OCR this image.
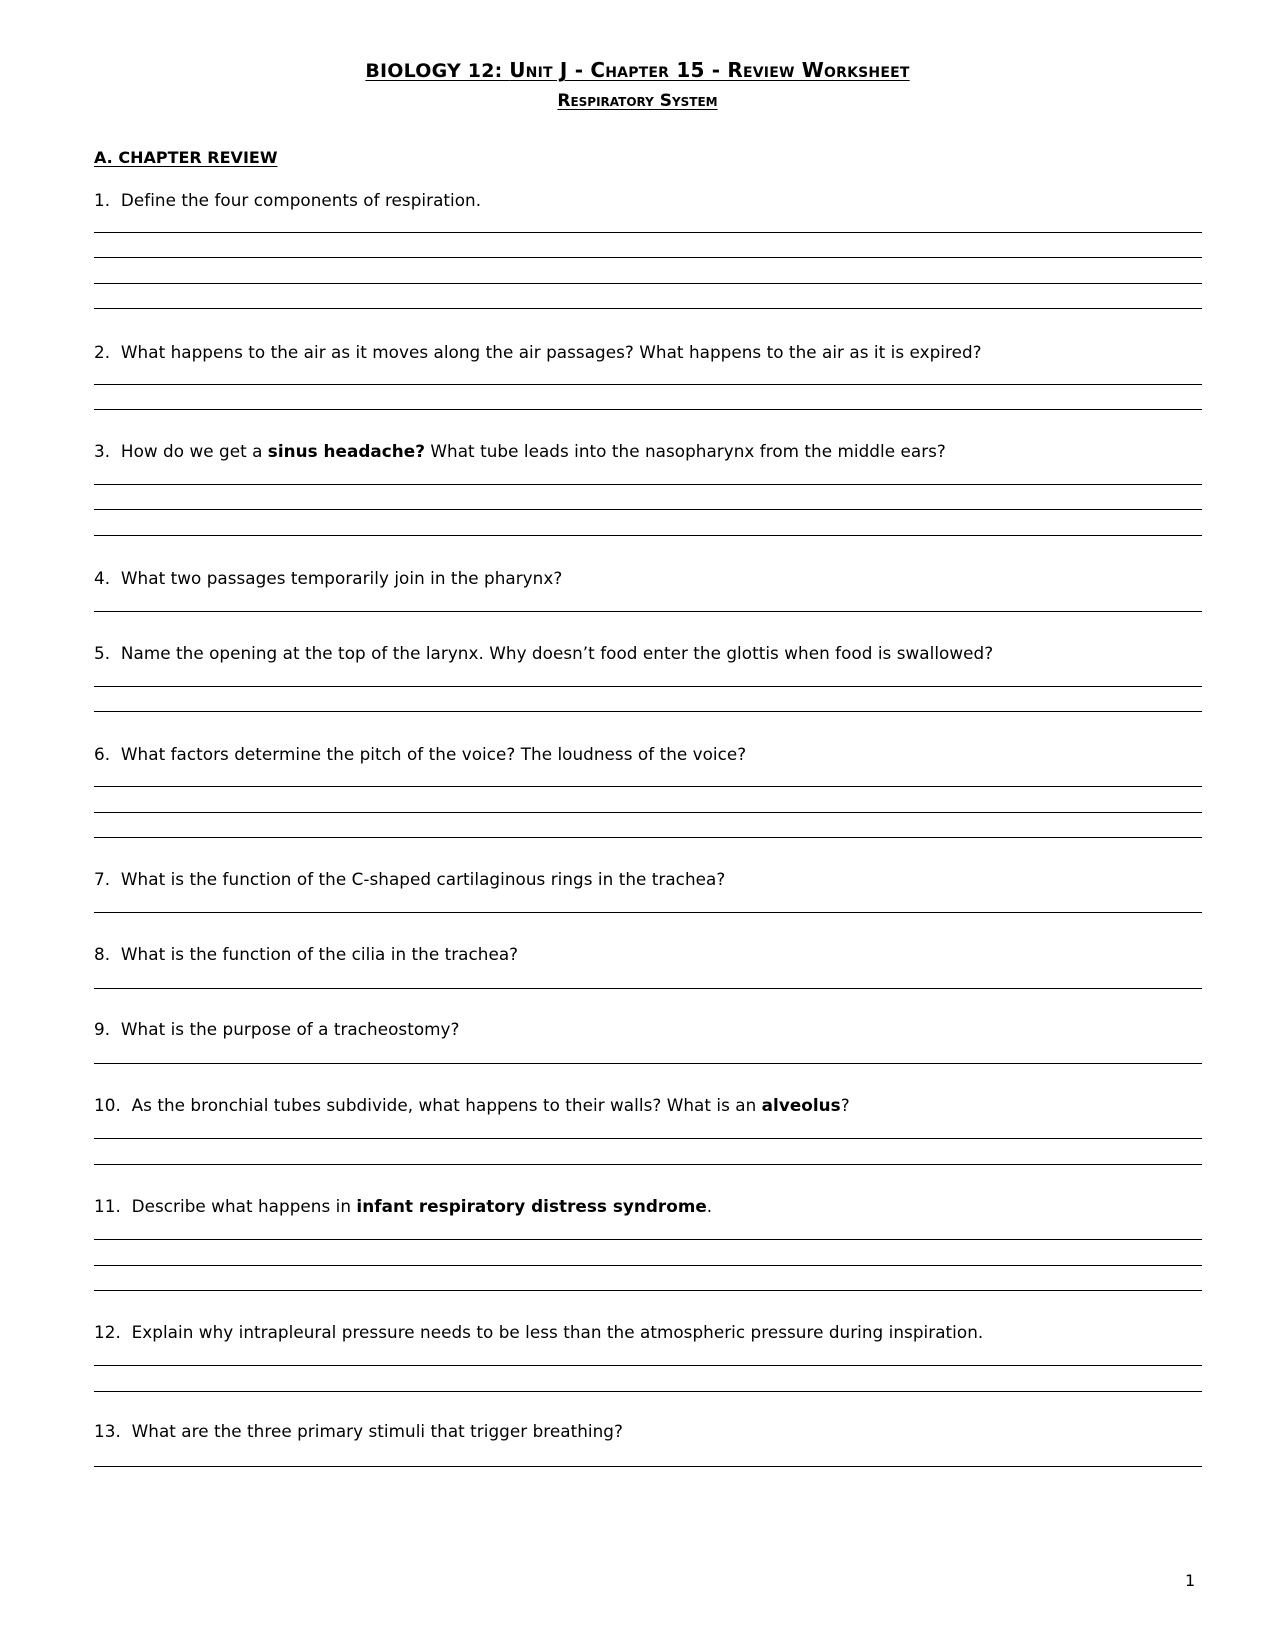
BIOLOGY 12: Unit J - Chapter 15 - Review Worksheet
Respiratory System
A. CHAPTER REVIEW
1. Define the four components of respiration.
2. What happens to the air as it moves along the air passages? What happens to the air as it is expired?
3. How do we get a sinus headache? What tube leads into the nasopharynx from the middle ears?
4. What two passages temporarily join in the pharynx?
5. Name the opening at the top of the larynx. Why doesn’t food enter the glottis when food is swallowed?
6. What factors determine the pitch of the voice? The loudness of the voice?
7. What is the function of the C-shaped cartilaginous rings in the trachea?
8. What is the function of the cilia in the trachea?
9. What is the purpose of a tracheostomy?
10. As the bronchial tubes subdivide, what happens to their walls? What is an alveolus?
11. Describe what happens in infant respiratory distress syndrome.
12. Explain why intrapleural pressure needs to be less than the atmospheric pressure during inspiration.
13. What are the three primary stimuli that trigger breathing?
1
